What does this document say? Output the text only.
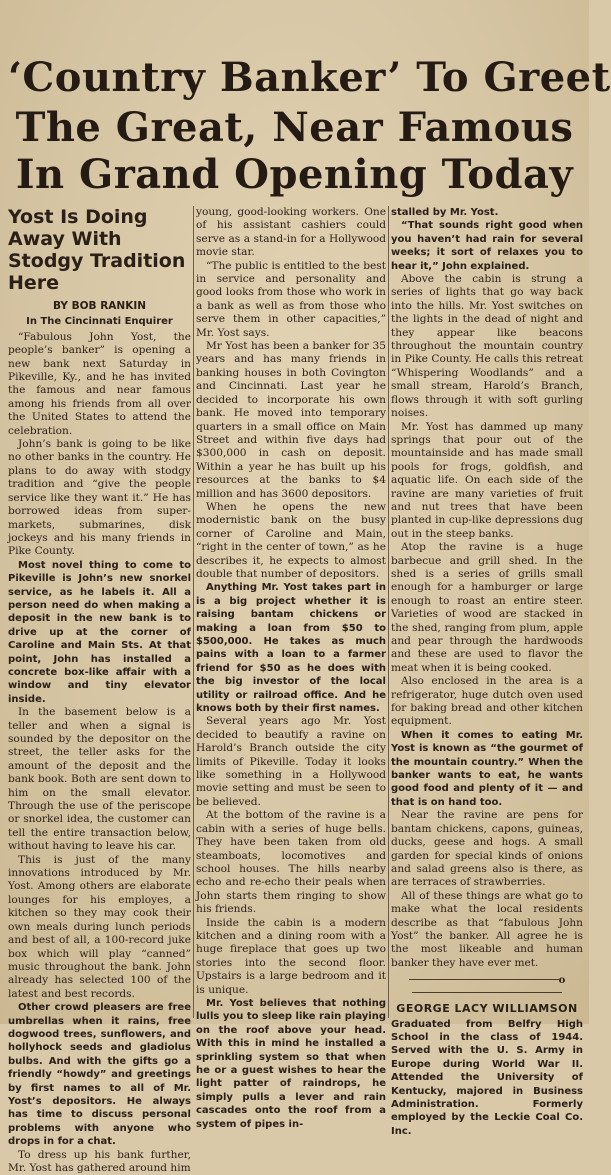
‘Country Banker’ To Greet
The Great, Near Famous
In Grand Opening Today
Yost Is Doing Away With Stodgy Tradition Here
BY BOB RANKIN
In The Cincinnati Enquirer

“Fabulous John Yost, the people’s banker” is opening a new bank next Saturday in Pikeville, Ky., and he has invited the famous and near famous among his friends from all over the United States to attend the celebration.

John’s bank is going to be like no other banks in the country. He plans to do away with stodgy tradition and “give the people service like they want it.” He has borrowed ideas from super-markets, submarines, disk jockeys and his many friends in Pike County.

Most novel thing to come to Pikeville is John’s new snorkel service, as he labels it. All a person need do when making a deposit in the new bank is to drive up at the corner of Caroline and Main Sts. At that point, John has installed a concrete box-like affair with a window and tiny elevator inside.

In the basement below is a teller and when a signal is sounded by the depositor on the street, the teller asks for the amount of the deposit and the bank book. Both are sent down to him on the small elevator. Through the use of the periscope or snorkel idea, the customer can tell the entire transaction below, without having to leave his car.

This is just of the many innovations introduced by Mr. Yost. Among others are elaborate lounges for his employes, a kitchen so they may cook their own meals during lunch periods and best of all, a 100-record juke box which will play “canned” music throughout the bank. John already has selected 100 of the latest and best records.

Other crowd pleasers are free umbrellas when it rains, free dogwood trees, sunflowers, and hollyhock seeds and gladiolus bulbs. And with the gifts go a friendly “howdy” and greetings by first names to all of Mr. Yost’s depositors. He always has time to discuss personal problems with anyone who drops in for a chat.

To dress up his bank further, Mr. Yost has gathered around him

young, good-looking workers. One of his assistant cashiers could serve as a stand-in for a Hollywood movie star.

“The public is entitled to the best in service and personality and good looks from those who work in a bank as well as from those who serve them in other capacities,” Mr. Yost says.

Mr Yost has been a banker for 35 years and has many friends in banking houses in both Covington and Cincinnati. Last year he decided to incorporate his own bank. He moved into temporary quarters in a small office on Main Street and within five days had $300,000 in cash on deposit. Within a year he has built up his resources at the banks to $4 million and has 3600 depositors.

When he opens the new modernistic bank on the busy corner of Caroline and Main, “right in the center of town,” as he describes it, he expects to almost double that number of depositors.

Anything Mr. Yost takes part in is a big project whether it is raising bantam chickens or making a loan from $50 to $500,000. He takes as much pains with a loan to a farmer friend for $50 as he does with the big investor of the local utility or railroad office. And he knows both by their first names.

Several years ago Mr. Yost decided to beautify a ravine on Harold’s Branch outside the city limits of Pikeville. Today it looks like something in a Hollywood movie setting and must be seen to be believed.

At the bottom of the ravine is a cabin with a series of huge bells. They have been taken from old steamboats, locomotives and school houses. The hills nearby echo and re-echo their peals when John starts them ringing to show his friends.

Inside the cabin is a modern kitchen and a dining room with a huge fireplace that goes up two stories into the second floor. Upstairs is a large bedroom and it is unique.

Mr. Yost believes that nothing lulls you to sleep like rain playing on the roof above your head. With this in mind he installed a sprinkling system so that when he or a guest wishes to hear the light patter of raindrops, he simply pulls a lever and rain cascades onto the roof from a system of pipes in-

stalled by Mr. Yost.

“That sounds right good when you haven’t had rain for several weeks; it sort of relaxes you to hear it,” John explained.

Above the cabin is strung a series of lights that go way back into the hills. Mr. Yost switches on the lights in the dead of night and they appear like beacons throughout the mountain country in Pike County. He calls this retreat “Whispering Woodlands” and a small stream, Harold’s Branch, flows through it with soft gurling noises.

Mr. Yost has dammed up many springs that pour out of the mountainside and has made small pools for frogs, goldfish, and aquatic life. On each side of the ravine are many varieties of fruit and nut trees that have been planted in cup-like depressions dug out in the steep banks.

Atop the ravine is a huge barbecue and grill shed. In the shed is a series of grills small enough for a hamburger or large enough to roast an entire steer. Varieties of wood are stacked in the shed, ranging from plum, apple and pear through the hardwoods and these are used to flavor the meat when it is being cooked.

Also enclosed in the area is a refrigerator, huge dutch oven used for baking bread and other kitchen equipment.

When it comes to eating Mr. Yost is known as “the gourmet of the mountain country.” When the banker wants to eat, he wants good food and plenty of it — and that is on hand too.

Near the ravine are pens for bantam chickens, capons, guineas, ducks, geese and hogs. A small garden for special kinds of onions and salad greens also is there, as are terraces of strawberries.

All of these things are what go to make what the local residents describe as that “fabulous John Yost” the banker. All agree he is the most likeable and human banker they have ever met.

o
GEORGE LACY WILLIAMSON

Graduated from Belfry High School in the class of 1944. Served with the U. S. Army in Europe during World War II. Attended the University of Kentucky, majored in Business Administration. Formerly employed by the Leckie Coal Co. Inc.
